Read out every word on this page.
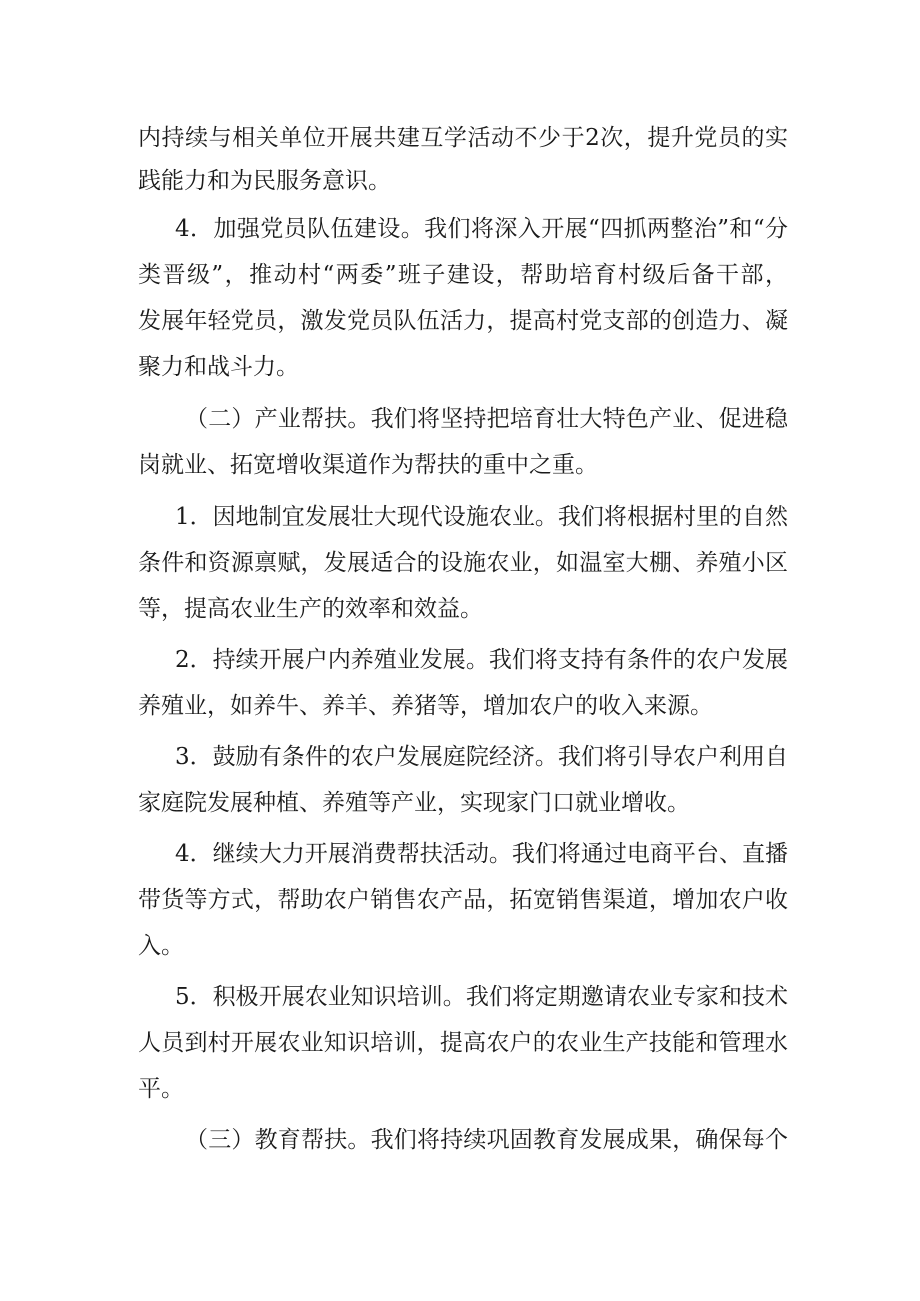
内持续与相关单位开展共建互学活动不少于2次，提升党员的实

践能力和为民服务意识。

4．加强党员队伍建设。我们将深入开展“四抓两整治”和“分

类晋级”，推动村“两委”班子建设，帮助培育村级后备干部，

发展年轻党员，激发党员队伍活力，提高村党支部的创造力、凝

聚力和战斗力。

（二）产业帮扶。我们将坚持把培育壮大特色产业、促进稳

岗就业、拓宽增收渠道作为帮扶的重中之重。

1．因地制宜发展壮大现代设施农业。我们将根据村里的自然

条件和资源禀赋，发展适合的设施农业，如温室大棚、养殖小区

等，提高农业生产的效率和效益。

2．持续开展户内养殖业发展。我们将支持有条件的农户发展

养殖业，如养牛、养羊、养猪等，增加农户的收入来源。

3．鼓励有条件的农户发展庭院经济。我们将引导农户利用自

家庭院发展种植、养殖等产业，实现家门口就业增收。

4．继续大力开展消费帮扶活动。我们将通过电商平台、直播

带货等方式，帮助农户销售农产品，拓宽销售渠道，增加农户收

入。

5．积极开展农业知识培训。我们将定期邀请农业专家和技术

人员到村开展农业知识培训，提高农户的农业生产技能和管理水

平。

（三）教育帮扶。我们将持续巩固教育发展成果，确保每个
